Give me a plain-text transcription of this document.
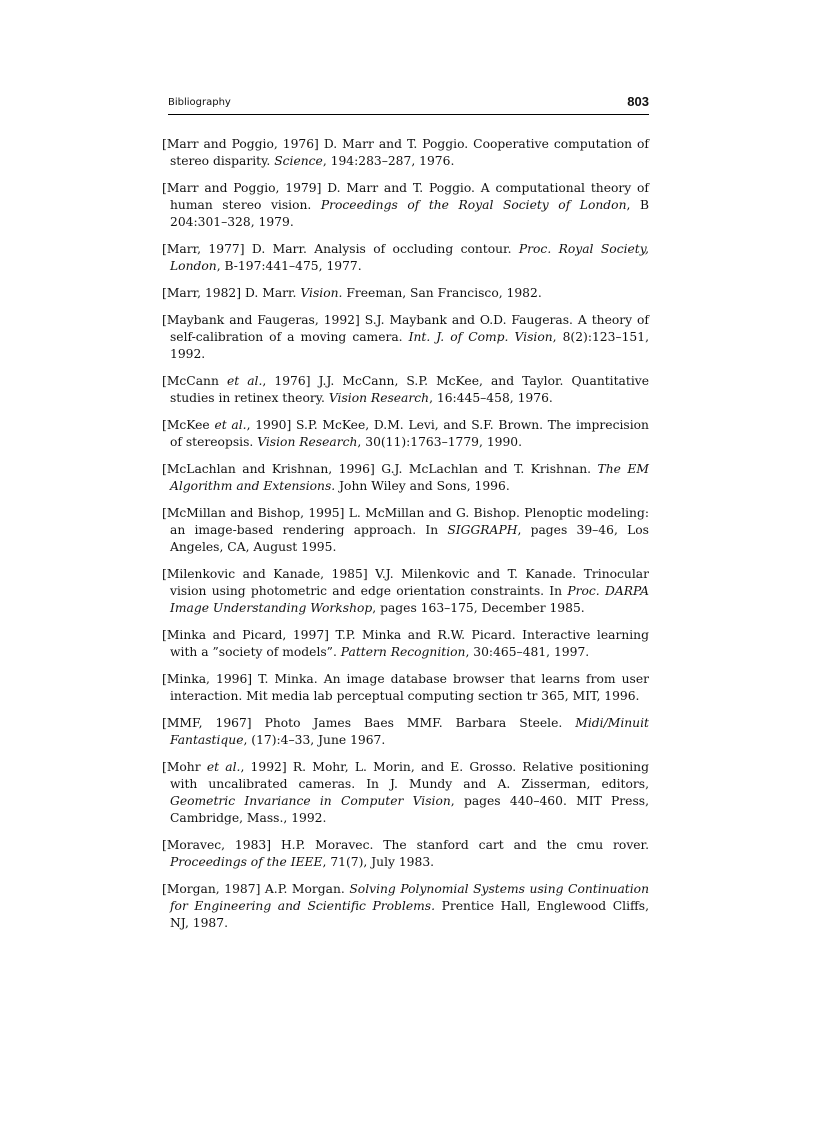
Bibliography	803

[Marr and Poggio, 1976] D. Marr and T. Poggio. Cooperative computation of stereo disparity. Science, 194:283–287, 1976.

[Marr and Poggio, 1979] D. Marr and T. Poggio. A computational theory of human stereo vision. Proceedings of the Royal Society of London, B 204:301–328, 1979.

[Marr, 1977] D. Marr. Analysis of occluding contour. Proc. Royal Society, London, B-197:441–475, 1977.

[Marr, 1982] D. Marr. Vision. Freeman, San Francisco, 1982.

[Maybank and Faugeras, 1992] S.J. Maybank and O.D. Faugeras. A theory of self-calibration of a moving camera. Int. J. of Comp. Vision, 8(2):123–151, 1992.

[McCann et al., 1976] J.J. McCann, S.P. McKee, and Taylor. Quantitative studies in retinex theory. Vision Research, 16:445–458, 1976.

[McKee et al., 1990] S.P. McKee, D.M. Levi, and S.F. Brown. The imprecision of stereopsis. Vision Research, 30(11):1763–1779, 1990.

[McLachlan and Krishnan, 1996] G.J. McLachlan and T. Krishnan. The EM Algorithm and Extensions. John Wiley and Sons, 1996.

[McMillan and Bishop, 1995] L. McMillan and G. Bishop. Plenoptic modeling: an image-based rendering approach. In SIGGRAPH, pages 39–46, Los Angeles, CA, August 1995.

[Milenkovic and Kanade, 1985] V.J. Milenkovic and T. Kanade. Trinocular vision using photometric and edge orientation constraints. In Proc. DARPA Image Understanding Workshop, pages 163–175, December 1985.

[Minka and Picard, 1997] T.P. Minka and R.W. Picard. Interactive learning with a ”society of models”. Pattern Recognition, 30:465–481, 1997.

[Minka, 1996] T. Minka. An image database browser that learns from user interaction. Mit media lab perceptual computing section tr 365, MIT, 1996.

[MMF, 1967] Photo James Baes MMF. Barbara Steele. Midi/Minuit Fantastique, (17):4–33, June 1967.

[Mohr et al., 1992] R. Mohr, L. Morin, and E. Grosso. Relative positioning with uncalibrated cameras. In J. Mundy and A. Zisserman, editors, Geometric Invariance in Computer Vision, pages 440–460. MIT Press, Cambridge, Mass., 1992.

[Moravec, 1983] H.P. Moravec. The stanford cart and the cmu rover. Proceedings of the IEEE, 71(7), July 1983.

[Morgan, 1987] A.P. Morgan. Solving Polynomial Systems using Continuation for Engineering and Scientific Problems. Prentice Hall, Englewood Cliffs, NJ, 1987.
